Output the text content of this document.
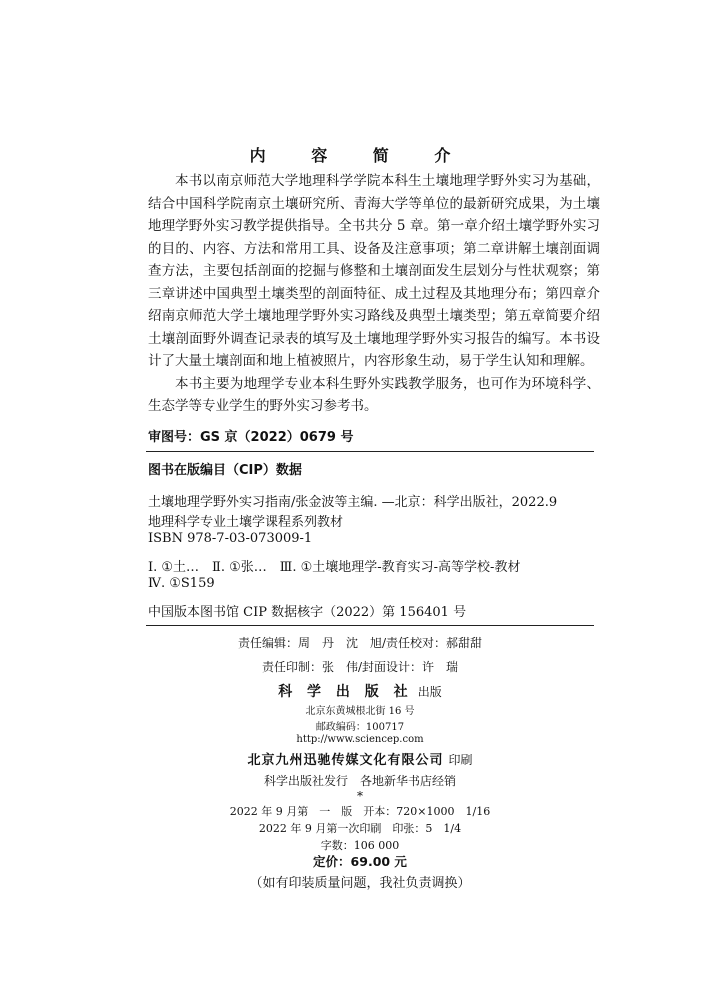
内 容 简 介

本书以南京师范大学地理科学学院本科生土壤地理学野外实习为基础，结合中国科学院南京土壤研究所、青海大学等单位的最新研究成果，为土壤地理学野外实习教学提供指导。全书共分 5 章。第一章介绍土壤学野外实习的目的、内容、方法和常用工具、设备及注意事项；第二章讲解土壤剖面调查方法，主要包括剖面的挖掘与修整和土壤剖面发生层划分与性状观察；第三章讲述中国典型土壤类型的剖面特征、成土过程及其地理分布；第四章介绍南京师范大学土壤地理学野外实习路线及典型土壤类型；第五章简要介绍土壤剖面野外调查记录表的填写及土壤地理学野外实习报告的编写。本书设计了大量土壤剖面和地上植被照片，内容形象生动，易于学生认知和理解。

本书主要为地理学专业本科生野外实践教学服务，也可作为环境科学、生态学等专业学生的野外实习参考书。

审图号：GS 京（2022）0679 号
图书在版编目（CIP）数据
土壤地理学野外实习指南/张金波等主编. —北京：科学出版社，2022.9
地理科学专业土壤学课程系列教材
ISBN 978-7-03-073009-1
Ⅰ. ①土…　Ⅱ. ①张…　Ⅲ. ①土壤地理学-教育实习-高等学校-教材
Ⅳ. ①S159
中国版本图书馆 CIP 数据核字（2022）第 156401 号
责任编辑：周　丹　沈　旭/责任校对：郝甜甜
责任印制：张　伟/封面设计：许　瑞
科 学 出 版 社 出版
北京东黄城根北街 16 号
邮政编码：100717
http://www.sciencep.com
北京九州迅驰传媒文化有限公司 印刷
科学出版社发行　各地新华书店经销
*
2022 年 9 月第　一　版　开本：720×1000　1/16
2022 年 9 月第一次印刷　印张：5　1/4
字数：106 000
定价：69.00 元
（如有印装质量问题，我社负责调换）
